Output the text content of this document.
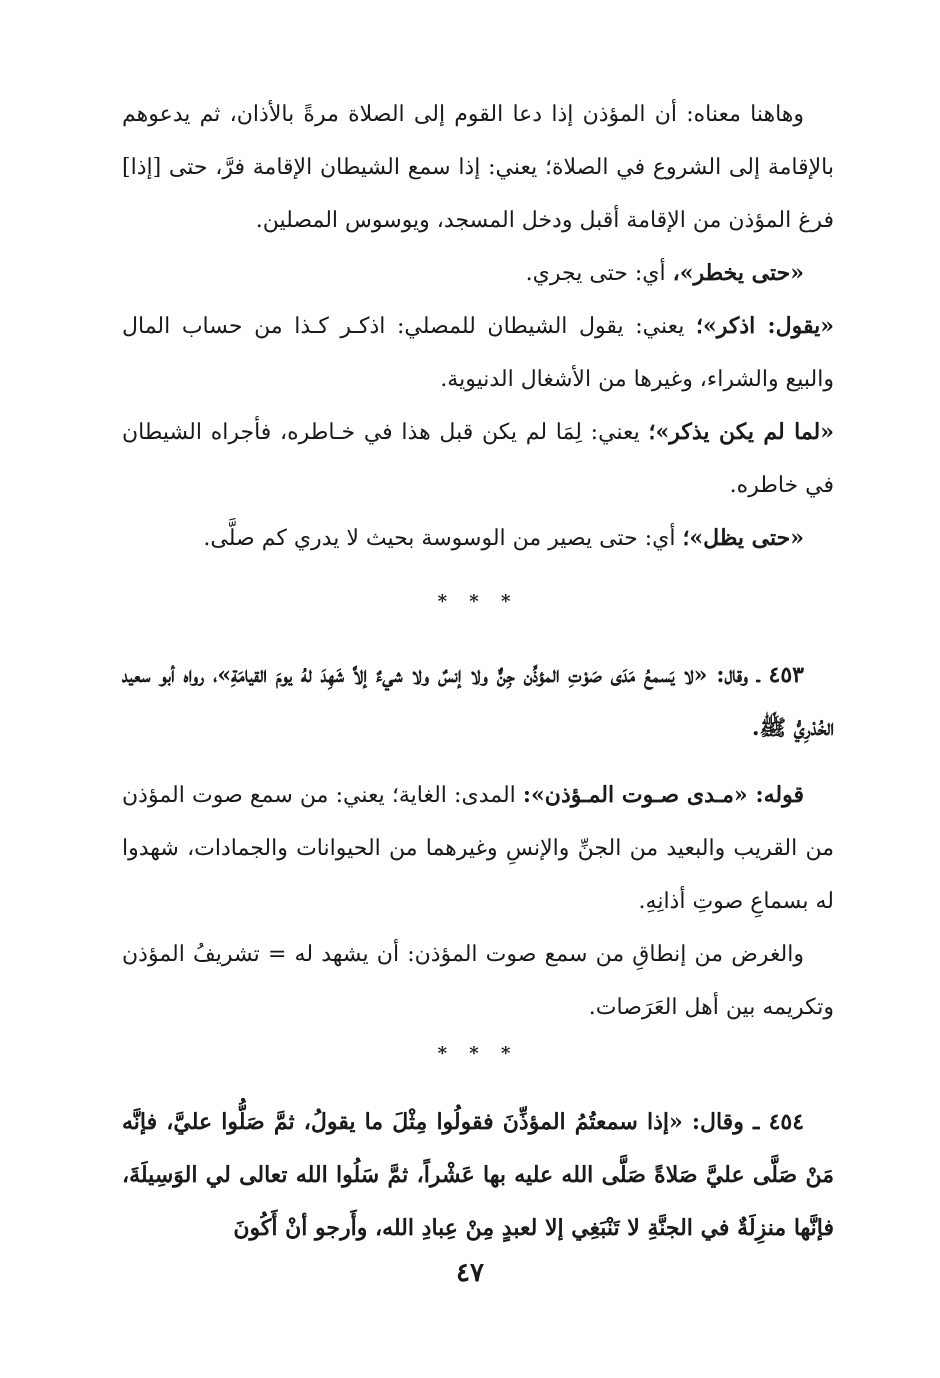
وهاهنا معناه: أن المؤذن إذا دعا القوم إلى الصلاة مرةً بالأذان، ثم يدعوهم بالإقامة إلى الشروع في الصلاة؛ يعني: إذا سمع الشيطان الإقامة فرَّ، حتى [إذا] فرغ المؤذن من الإقامة أقبل ودخل المسجد، ويوسوس المصلين.

«حتى يخطر»، أي: حتى يجري.

«يقول: اذكر»؛ يعني: يقول الشيطان للمصلي: اذكـر كـذا من حساب المال والبيع والشراء، وغيرها من الأشغال الدنيوية.

«لما لم يكن يذكر»؛ يعني: لِمَا لم يكن قبل هذا في خـاطره، فأجراه الشيطان في خاطره.

«حتى يظل»؛ أي: حتى يصير من الوسوسة بحيث لا يدري كم صلَّى.

* * *

٤٥٣ ـ وقال: «لا يَسمعُ مَدَى صَوْتِ المؤذِّن جِنٌّ ولا إنسٌ ولا شيءٌ إلاَّ شَهِدَ لهُ يومَ القيامَةِ»، رواه أبو سعيد الخُدْرِيُّ ﷺ.

قوله: «مـدى صـوت المـؤذن»: المدى: الغاية؛ يعني: من سمع صوت المؤذن من القريب والبعيد من الجنِّ والإنسِ وغيرهما من الحيوانات والجمادات، شهدوا له بسماعِ صوتِ أذانِهِ.

والغرض من إنطاقِ من سمع صوت المؤذن: أن يشهد له = تشريفُ المؤذن وتكريمه بين أهل العَرَصات.

* * *

٤٥٤ ـ وقال: «إذا سمعتُمُ المؤذِّنَ فقولُوا مِثْلَ ما يقولُ، ثمَّ صَلُّوا عليَّ، فإنَّه مَنْ صَلَّى عليَّ صَلاةً صَلَّى الله عليه بها عَشْراً، ثمَّ سَلُوا الله تعالى لي الوَسِيلَةَ، فإنَّها منزِلَةٌ في الجنَّةِ لا تَنْبَغِي إلا لعبدٍ مِنْ عِبادِ الله، وأَرجو أنْ أَكُونَ

٤٧
